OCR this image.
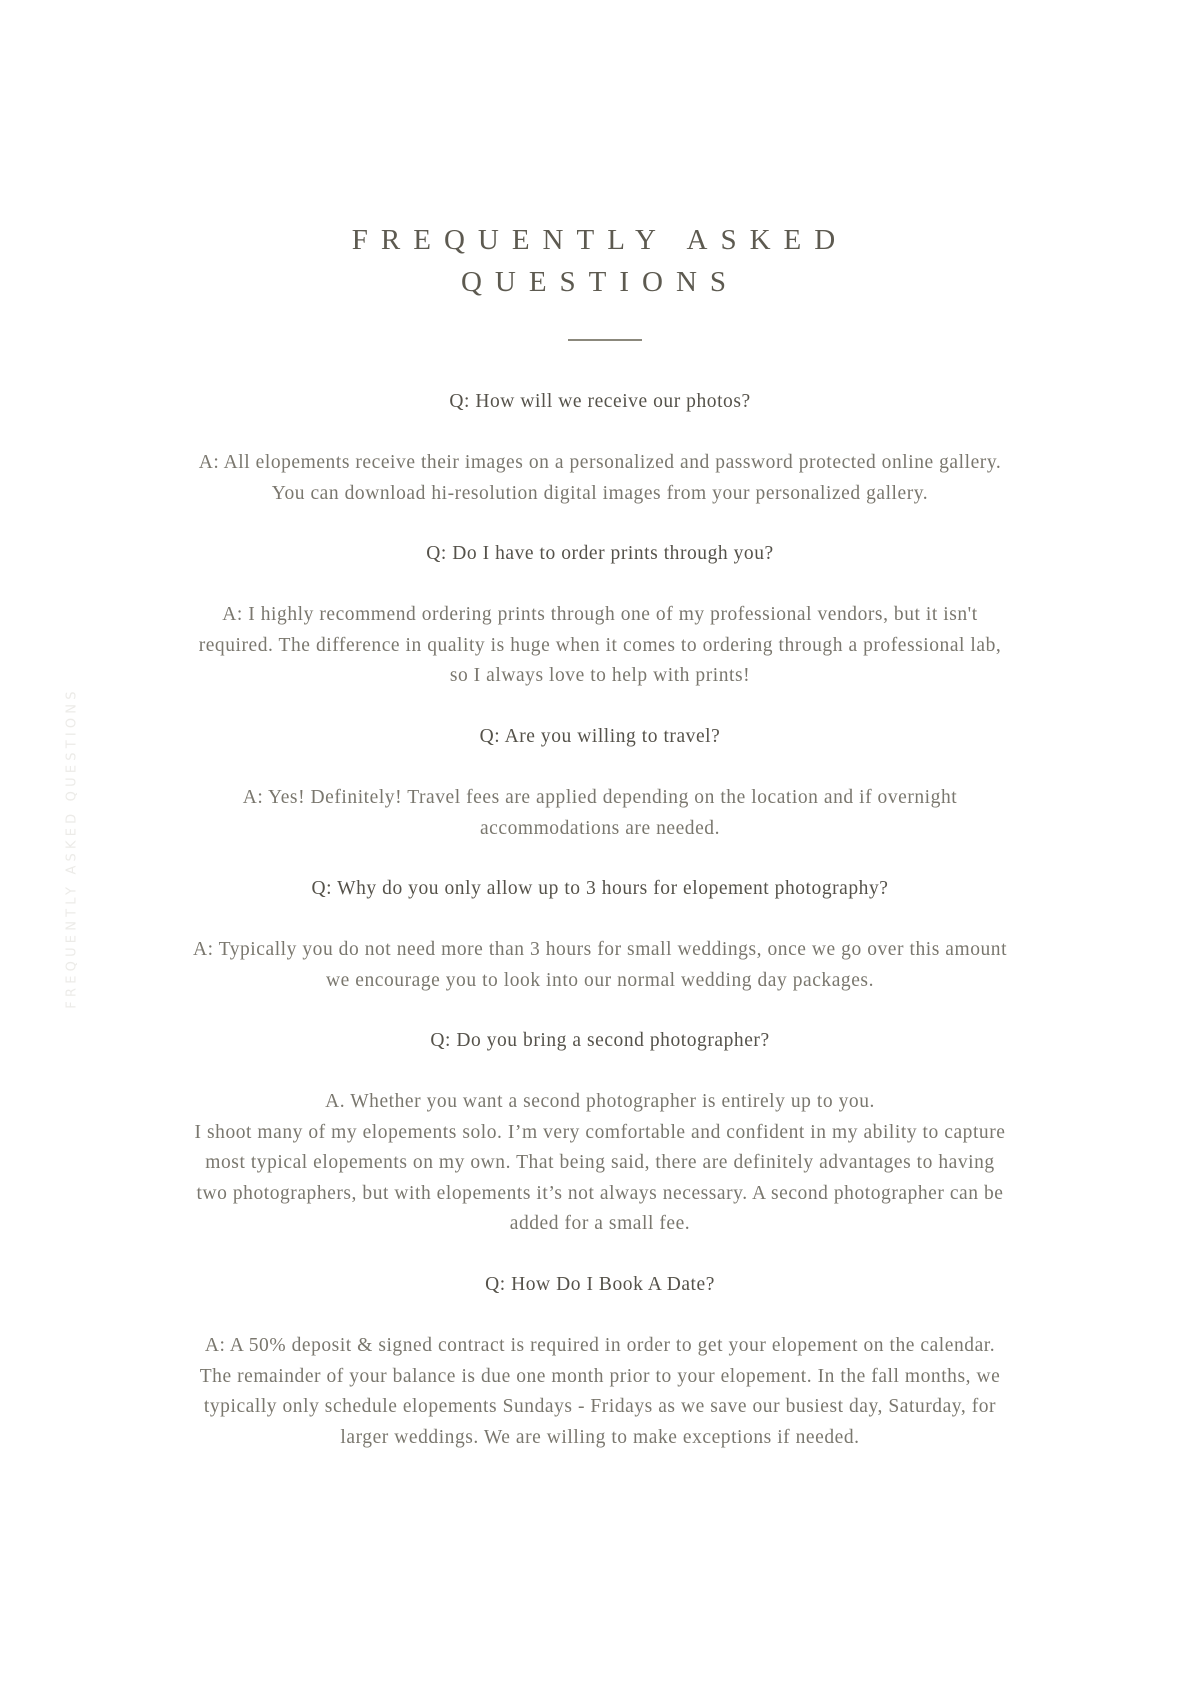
FREQUENTLY ASKED QUESTIONS
FREQUENTLY ASKED
QUESTIONS

Q: How will we receive our photos?

A: All elopements receive their images on a personalized and password protected online gallery.
You can download hi-resolution digital images from your personalized gallery.

Q: Do I have to order prints through you?

A: I highly recommend ordering prints through one of my professional vendors, but it isn't
required. The difference in quality is huge when it comes to ordering through a professional lab,
so I always love to help with prints!

Q: Are you willing to travel?

A: Yes! Definitely! Travel fees are applied depending on the location and if overnight
accommodations are needed.

Q: Why do you only allow up to 3 hours for elopement photography?

A: Typically you do not need more than 3 hours for small weddings, once we go over this amount
we encourage you to look into our normal wedding day packages.

Q: Do you bring a second photographer?

A. Whether you want a second photographer is entirely up to you.
I shoot many of my elopements solo. I’m very comfortable and confident in my ability to capture
most typical elopements on my own. That being said, there are definitely advantages to having
two photographers, but with elopements it’s not always necessary. A second photographer can be
added for a small fee.

Q: How Do I Book A Date?

A: A 50% deposit & signed contract is required in order to get your elopement on the calendar.
The remainder of your balance is due one month prior to your elopement. In the fall months, we
typically only schedule elopements Sundays - Fridays as we save our busiest day, Saturday, for
larger weddings. We are willing to make exceptions if needed.
